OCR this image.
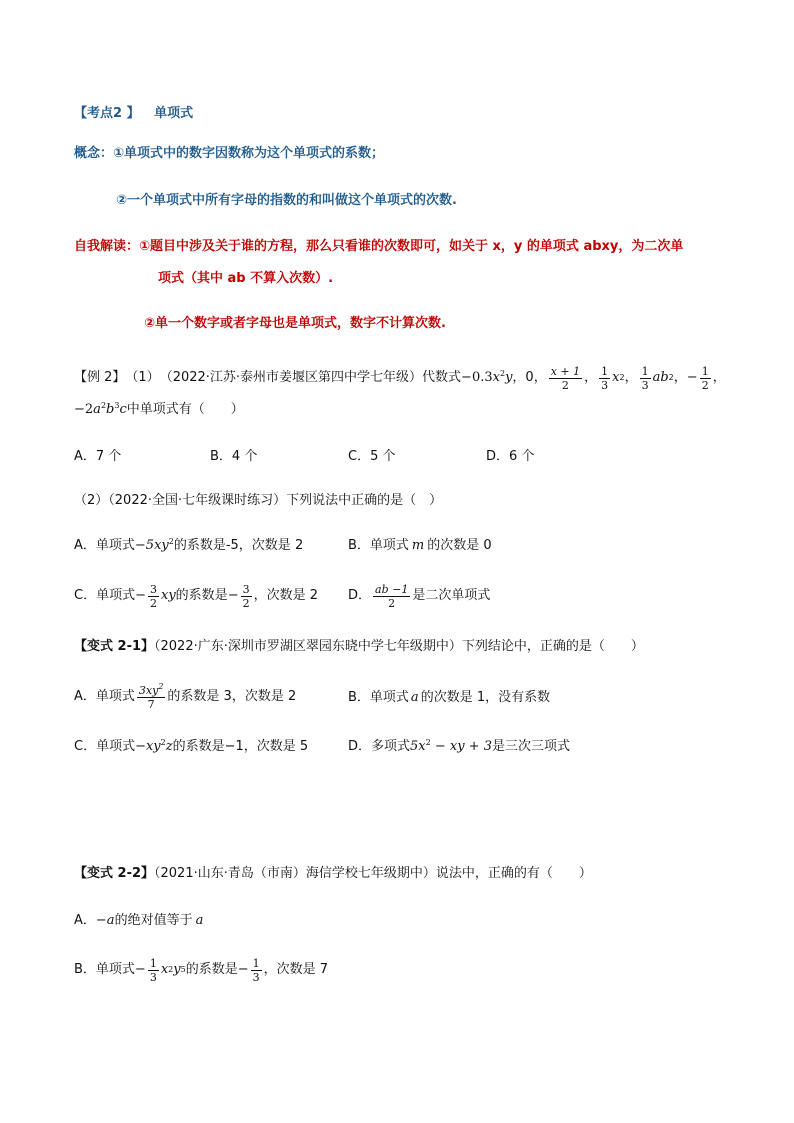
【考点2 】 单项式
概念：①单项式中的数字因数称为这个单项式的系数；
②一个单项式中所有字母的指数的和叫做这个单项式的次数.
自我解读：①题目中涉及关于谁的方程，那么只看谁的次数即可，如关于 x，y 的单项式 abxy，为二次单
项式（其中 ab 不算入次数）.
②单一个数字或者字母也是单项式，数字不计算次数.
【例 2】 （1） （2022·江苏·泰州市姜堰区第四中学七年级）代数式 $-0.3x^2y$ ，0， $\frac{x + 1}{2}$ ， $\frac{1}{3}$ x 2 ， $\frac{1}{3}$ ab 2 ， − $\frac{1}{2}$ ，
$-2a^2b^3c$中单项式有（　　）
A．7 个	B．4 个	C．5 个	D．6 个
（2）（2022·全国·七年级课时练习）下列说法中正确的是（　）
A．单项式$-5xy^2$的系数是-5，次数是 2	B．单项式 m 的次数是 0
C．单项式 − $\frac{3}{2}$ xy 的系数是 − $\frac{3}{2}$ ，次数是 2 D． $\frac{ab -1}{2}$ 是二次单项式
【变式 2-1】（2022·广东·深圳市罗湖区翠园东晓中学七年级期中）下列结论中，正确的是（　　）
A．单项式 $\frac{3xy^2}{7}$ 的系数是 3，次数是 2	B．单项式 a 的次数是 1，没有系数
C．单项式$-xy^2z$的系数是−1，次数是 5	D．多项式$5x^2$ − xy + 3是三次三项式
【变式 2-2】（2021·山东·青岛（市南）海信学校七年级期中）说法中，正确的有（　　）
A．−a的绝对值等于 a
B．单项式 − $\frac{1}{3}$ x 2 y 5 的系数是 − $\frac{1}{3}$ ，次数是 7
